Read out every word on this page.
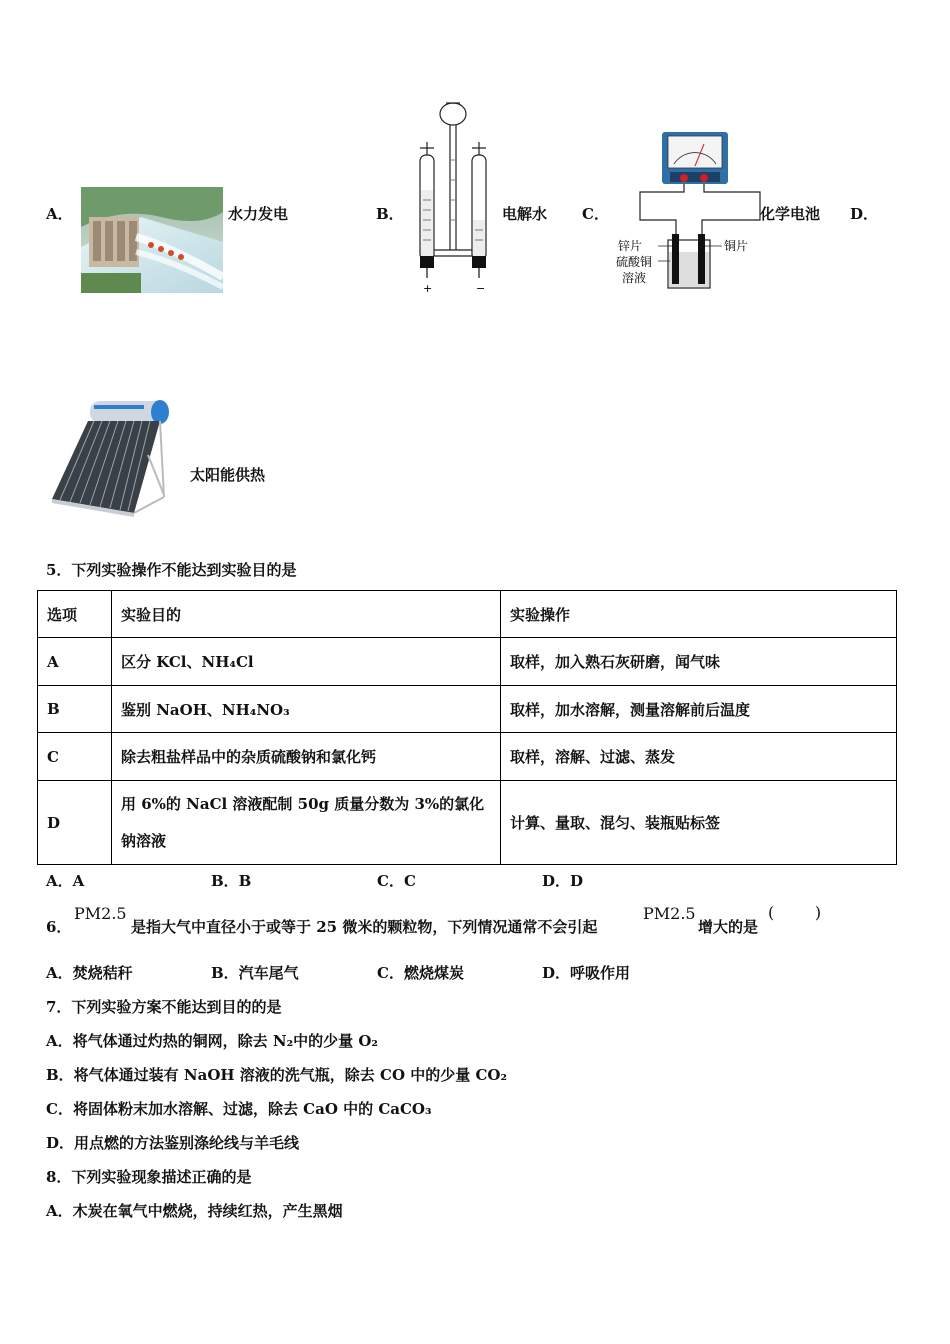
A．	水力发电	B．
+	−
电解水 C．
锌片	铜片
硫酸铜
溶液
化学电池 D．
太阳能供热
5．下列实验操作不能达到实验目的是
选项	实验目的	实验操作
A	区分 KCl、NH₄Cl	取样，加入熟石灰研磨，闻气味
B	鉴别 NaOH、NH₄NO₃	取样，加水溶解，测量溶解前后温度
C	除去粗盐样品中的杂质硫酸钠和氯化钙	取样，溶解、过滤、蒸发
D	用 6%的 NaCl 溶液配制 50g 质量分数为 3%的氯化钠溶液	计算、量取、混匀、装瓶贴标签
A．A	B．B	C．C	D．D
6．
PM2.5
是指大气中直径小于或等于 25 微米的颗粒物，下列情况通常不会引起
PM2.5
增大的是
(        )
A．焚烧秸秆	B．汽车尾气	C．燃烧煤炭	D．呼吸作用
7．下列实验方案不能达到目的的是
A．将气体通过灼热的铜网，除去 N₂中的少量 O₂
B．将气体通过装有 NaOH 溶液的洗气瓶，除去 CO 中的少量 CO₂
C．将固体粉末加水溶解、过滤，除去 CaO 中的 CaCO₃
D．用点燃的方法鉴别涤纶线与羊毛线
8．下列实验现象描述正确的是
A．木炭在氧气中燃烧，持续红热，产生黑烟
